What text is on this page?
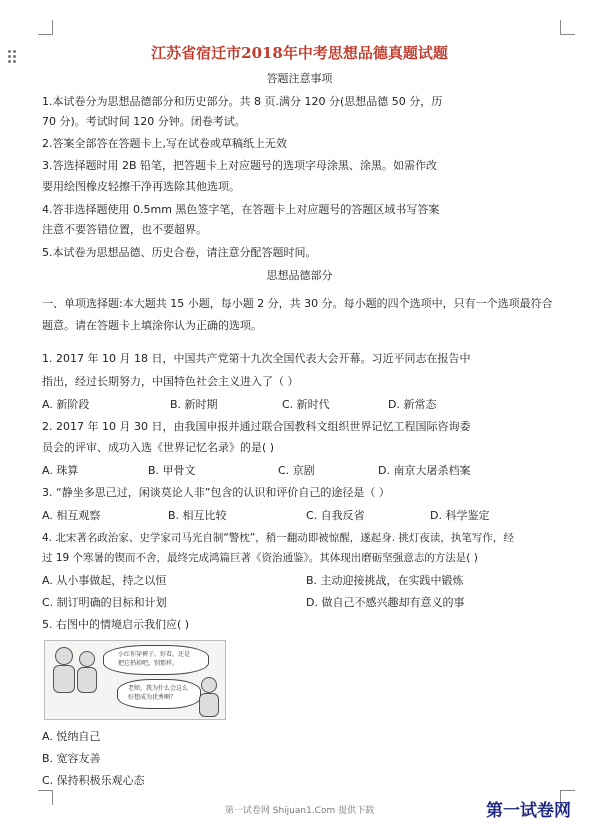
江苏省宿迁市2018年中考思想品德真题试题
答题注意事项
1.本试卷分为思想品德部分和历史部分。共 8 页.满分 120 分(思想品德 50 分，历
70 分)。考试时间 120 分钟。闭卷考试。
2.答案全部答在答题卡上,写在试卷或草稿纸上无效
3.答选择题时用 2B 铅笔，把答题卡上对应题号的选项字母涂黑、涂黑。如需作改
要用绘图橡皮轻擦干净再选除其他选项。
4.答非选择题使用 0.5mm 黑色签字笔，在答题卡上对应题号的答题区域书写答案
注意不要答错位置，也不要超界。
5.本试卷为思想品德、历史合卷，请注意分配答题时间。
思想品德部分
一、单项选择题:本大题共 15 小题，每小题 2 分，共 30 分。每小题的四个选项中，只有一个选项最符合
题意。请在答题卡上填涂你认为正确的选项。
1. 2017 年 10 月 18 日，中国共产党第十九次全国代表大会开幕。习近平同志在报告中
指出，经过长期努力，中国特色社会主义进入了（ ）
A. 新阶段	B. 新时期	C. 新时代	D. 新常态
2. 2017 年 10 月 30 日，由我国申报并通过联合国教科文组织世界记忆工程国际咨询委
员会的评审、成功入选《世界记忆名录》的是( )
A. 珠算	B. 甲骨文	C. 京剧	D. 南京大屠杀档案
3. “静坐多思己过，闲谈莫论人非”包含的认识和评价自己的途径是（ ）
A. 相互观察	B. 相互比较	C. 自我反省	D. 科学鉴定
4. 北宋著名政治家、史学家司马光自制“警枕”，稍一翻动即被惊醒，遂起身. 挑灯夜读，执笔写作，经
过 19 个寒暑的锲而不舍，最终完成鸿篇巨著《资治通鉴》。其体现出磨砺坚强意志的方法是( )
A. 从小事做起，持之以恒	B. 主动迎接挑战，在实践中锻炼
C. 制订明确的目标和计划	D. 做自己不感兴趣却有意义的事
5. 右图中的情境启示我们应( )
小红你穿裤子，好看，还是
把它扔掉吧，别那样。
老师，我为什么会这么
好想成为优秀啊？
A. 悦纳自己
B. 宽容友善
C. 保持积极乐观心态
第一试卷网 Shijuan1.Com 提供下载	第一试卷网
